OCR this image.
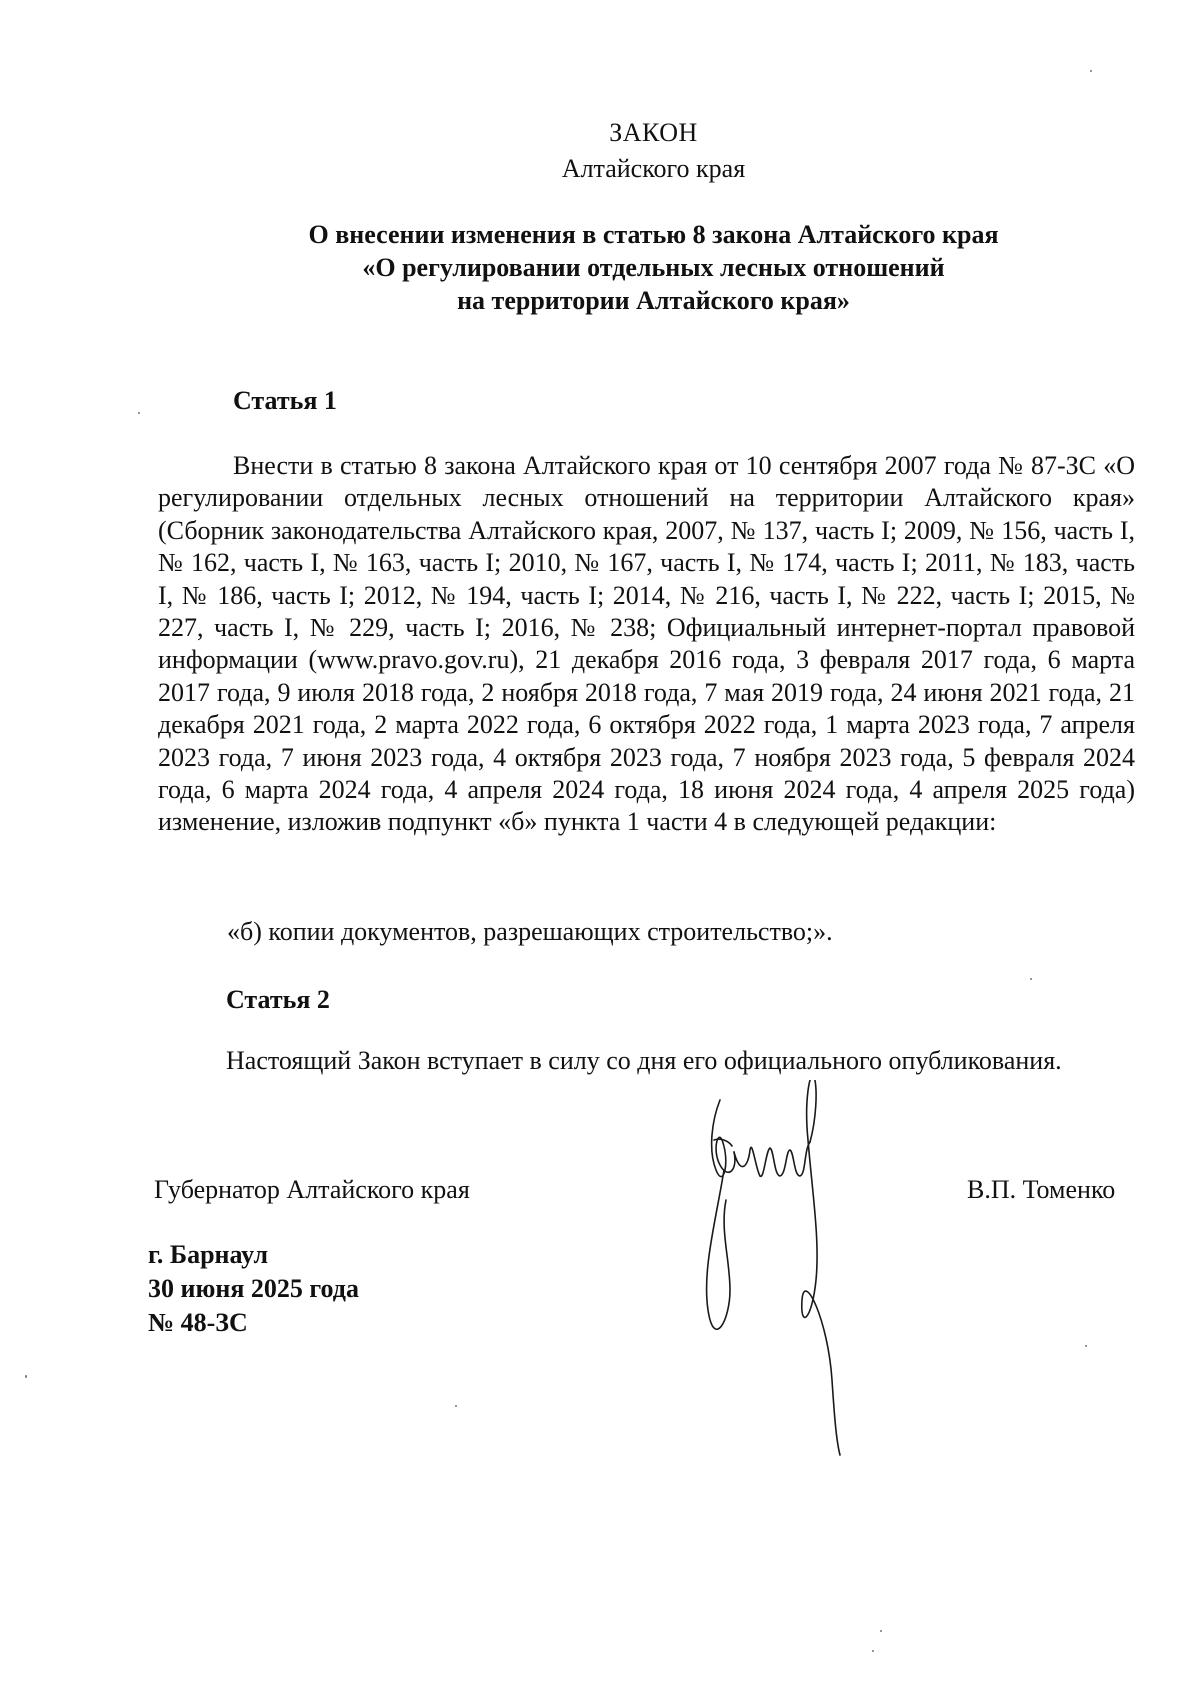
ЗАКОН
Алтайского края
О внесении изменения в статью 8 закона Алтайского края
«О регулировании отдельных лесных отношений
на территории Алтайского края»
Статья 1
Внести в статью 8 закона Алтайского края от 10 сентября 2007 года № 87-ЗС «О регулировании отдельных лесных отношений на территории Алтайского края» (Сборник законодательства Алтайского края, 2007, № 137, часть I; 2009, № 156, часть I, № 162, часть I, № 163, часть I; 2010, № 167, часть I, № 174, часть I; 2011, № 183, часть I, № 186, часть I; 2012, № 194, часть I; 2014, № 216, часть I, № 222, часть I; 2015, № 227, часть I, № 229, часть I; 2016, № 238; Официальный интернет-портал правовой информации (www.pravo.gov.ru), 21 декабря 2016 года, 3 февраля 2017 года, 6 марта 2017 года, 9 июля 2018 года, 2 ноября 2018 года, 7 мая 2019 года, 24 июня 2021 года, 21 декабря 2021 года, 2 марта 2022 года, 6 октября 2022 года, 1 марта 2023 года, 7 апреля 2023 года, 7 июня 2023 года, 4 октября 2023 года, 7 ноября 2023 года, 5 февраля 2024 года, 6 марта 2024 года, 4 апреля 2024 года, 18 июня 2024 года, 4 апреля 2025 года) изменение, изложив подпункт «б» пункта 1 части 4 в следующей редакции:
«б) копии документов, разрешающих строительство;».
Статья 2
Настоящий Закон вступает в силу со дня его официального опубликования.
Губернатор Алтайского края	В.П. Томенко
г. Барнаул
30 июня 2025 года
№ 48-ЗС
